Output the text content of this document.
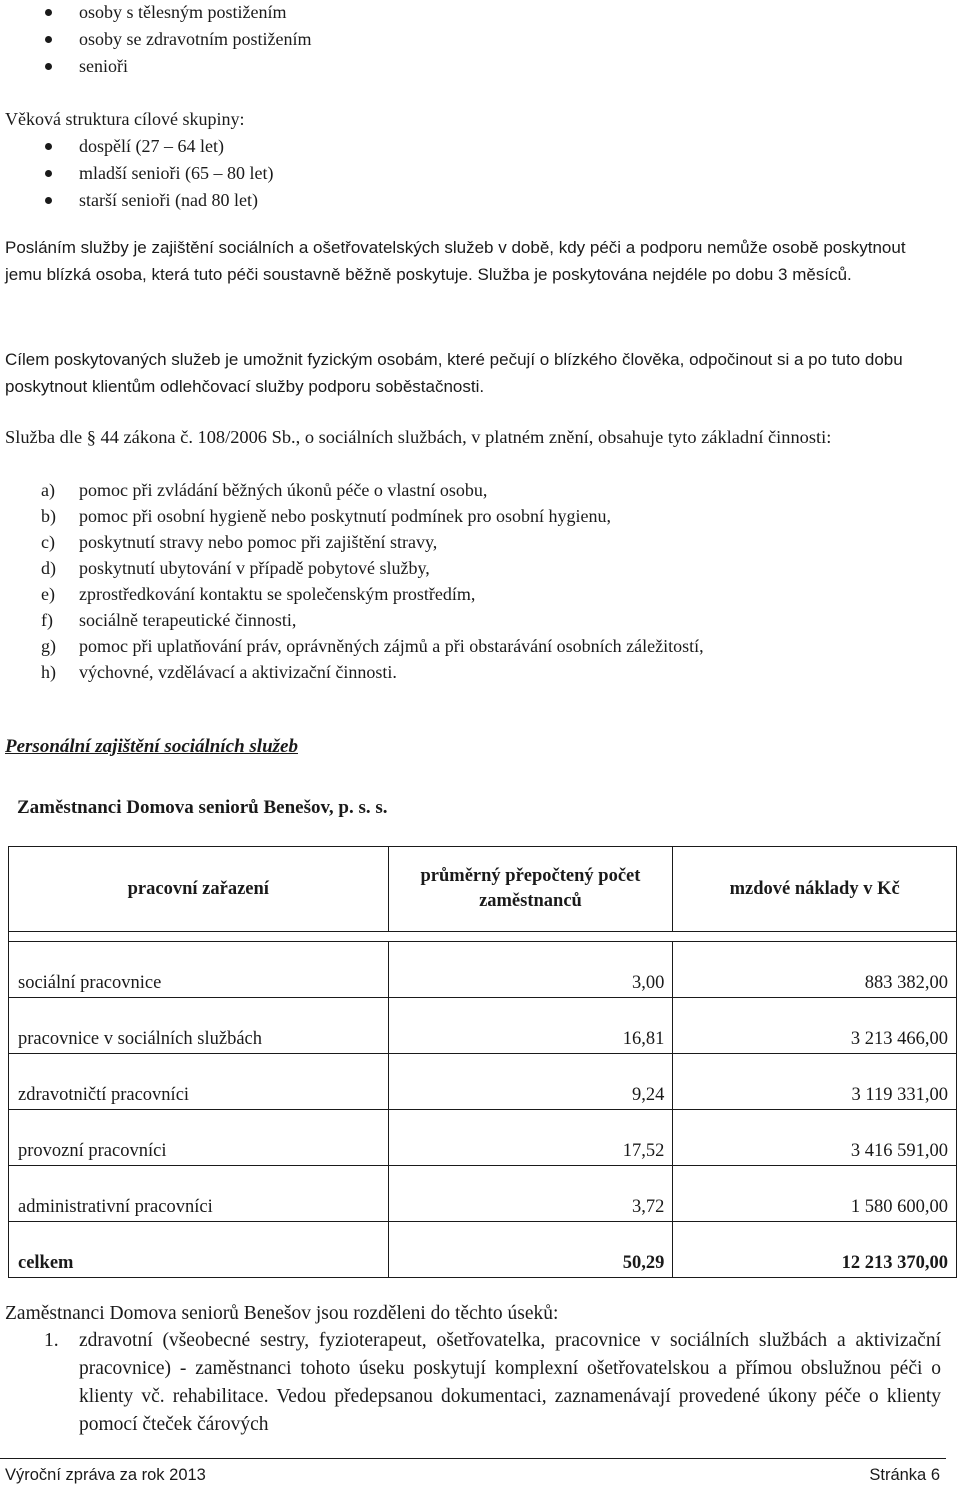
osoby s tělesným postižením
osoby se zdravotním postižením
senioři
Věková struktura cílové skupiny:
dospělí (27 – 64 let)
mladší senioři (65 – 80 let)
starší senioři (nad 80 let)
Posláním služby je zajištění sociálních a ošetřovatelských služeb v době, kdy péči a podporu nemůže osobě poskytnout jemu blízká osoba, která tuto péči soustavně běžně poskytuje. Služba je poskytována nejdéle po dobu 3 měsíců.
Cílem poskytovaných služeb je umožnit fyzickým osobám, které pečují o blízkého člověka, odpočinout si a po tuto dobu poskytnout klientům odlehčovací služby podporu soběstačnosti.
Služba dle § 44 zákona č. 108/2006 Sb., o sociálních službách, v platném znění, obsahuje tyto základní činnosti:
a) pomoc při zvládání běžných úkonů péče o vlastní osobu,
b) pomoc při osobní hygieně nebo poskytnutí podmínek pro osobní hygienu,
c) poskytnutí stravy nebo pomoc při zajištění stravy,
d) poskytnutí ubytování v případě pobytové služby,
e) zprostředkování kontaktu se společenským prostředím,
f) sociálně terapeutické činnosti,
g) pomoc při uplatňování práv, oprávněných zájmů a při obstarávání osobních záležitostí,
h) výchovné, vzdělávací a aktivizační činnosti.
Personální zajištění sociálních služeb
Zaměstnanci Domova seniorů Benešov, p. s. s.
pracovní zařazení	průměrný přepočtený počet zaměstnanců	mzdové náklady v Kč

sociální pracovnice	3,00	883 382,00
pracovnice v sociálních službách	16,81	3 213 466,00
zdravotničtí pracovníci	9,24	3 119 331,00
provozní pracovníci	17,52	3 416 591,00
administrativní pracovníci	3,72	1 580 600,00
celkem	50,29	12 213 370,00
Zaměstnanci Domova seniorů Benešov jsou rozděleni do těchto úseků:
1. zdravotní (všeobecné sestry, fyzioterapeut, ošetřovatelka, pracovnice v sociálních službách a aktivizační pracovnice) - zaměstnanci tohoto úseku poskytují komplexní ošetřovatelskou a přímou obslužnou péči o klienty vč. rehabilitace. Vedou předepsanou dokumentaci, zaznamenávají provedené úkony péče o klienty pomocí čteček čárových
Výroční zpráva za rok 2013	Stránka 6
